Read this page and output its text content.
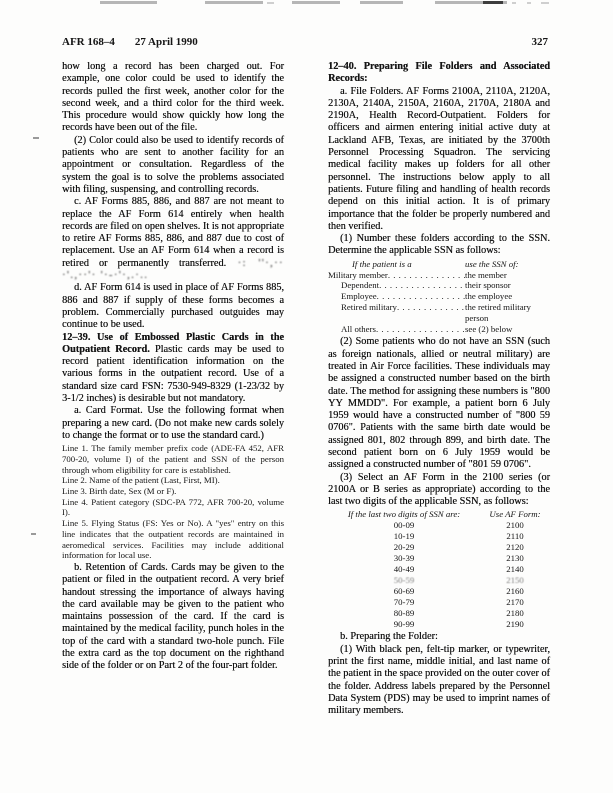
AFR 168–4 27 April 1990	327

how long a record has been charged out. For example, one color could be used to identify the records pulled the first week, another color for the second week, and a third color for the third week. This procedure would show quickly how long the records have been out of the file.

(2) Color could also be used to identify records of patients who are sent to another facility for an appointment or consultation. Regardless of the system the goal is to solve the problems associated with filing, suspensing, and controlling records.

c. AF Forms 885, 886, and 887 are not meant to replace the AF Form 614 entirely when health records are filed on open shelves. It is not appropriate to retire AF Forms 885, 886, and 887 due to cost of replacement. Use an AF Form 614 when a record is retired or permanently transferred. ·: ''·,·· ·'.,··'· '·-·'·,.·..

d. AF Form 614 is used in place of AF Forms 885, 886 and 887 if supply of these forms becomes a problem. Commercially purchased outguides may continue to be used.

12–39. Use of Embossed Plastic Cards in the Outpatient Record. Plastic cards may be used to record patient identification information on the various forms in the outpatient record. Use of a standard size card FSN: 7530-949-8329 (1-23/32 by 3-1/2 inches) is desirable but not mandatory.

a. Card Format. Use the following format when preparing a new card. (Do not make new cards solely to change the format or to use the standard card.)

Line 1. The family member prefix code (ADE-FA 452, AFR 700-20, volume I) of the patient and SSN of the person through whom eligibility for care is established.

Line 2. Name of the patient (Last, First, MI).

Line 3. Birth date, Sex (M or F).

Line 4. Patient category (SDC-PA 772, AFR 700-20, volume I).

Line 5. Flying Status (FS: Yes or No). A "yes" entry on this line indicates that the outpatient records are maintained in aeromedical services. Facilities may include additional information for local use.

b. Retention of Cards. Cards may be given to the patient or filed in the outpatient record. A very brief handout stressing the importance of always having the card available may be given to the patient who maintains possession of the card. If the card is maintained by the medical facility, punch holes in the top of the card with a standard two-hole punch. File the extra card as the top document on the righthand side of the folder or on Part 2 of the four-part folder.

12–40. Preparing File Folders and Associated Records:

a. File Folders. AF Forms 2100A, 2110A, 2120A, 2130A, 2140A, 2150A, 2160A, 2170A, 2180A and 2190A, Health Record-Outpatient. Folders for officers and airmen entering initial active duty at Lackland AFB, Texas, are initiated by the 3700th Personnel Processing Squadron. The servicing medical facility makes up folders for all other personnel. The instructions below apply to all patients. Future filing and handling of health records depend on this initial action. It is of primary importance that the folder be properly numbered and then verified.

(1) Number these folders according to the SSN. Determine the applicable SSN as follows:

If the patient is a	use the SSN of:
Military member . . .	the member
Dependent . . .	their sponsor
Employee . . .	the employee
Retired military . . .	the retired military person
All others . . .	see (2) below

(2) Some patients who do not have an SSN (such as foreign nationals, allied or neutral military) are treated in Air Force facilities. These individuals may be assigned a constructed number based on the birth date. The method for assigning these numbers is "800 YY MMDD". For example, a patient born 6 July 1959 would have a constructed number of "800 59 0706". Patients with the same birth date would be assigned 801, 802 through 899, and birth date. The second patient born on 6 July 1959 would be assigned a constructed number of "801 59 0706".

(3) Select an AF Form in the 2100 series (or 2100A or B series as appropriate) according to the last two digits of the applicable SSN, as follows:

If the last two digits of SSN are:	Use AF Form:
00-09	2100
10-19	2110
20-29	2120
30-39	2130
40-49	2140
50-59	2150
60-69	2160
70-79	2170
80-89	2180
90-99	2190

b. Preparing the Folder:

(1) With black pen, felt-tip marker, or typewriter, print the first name, middle initial, and last name of the patient in the space provided on the outer cover of the folder. Address labels prepared by the Personnel Data System (PDS) may be used to imprint names of military members.
